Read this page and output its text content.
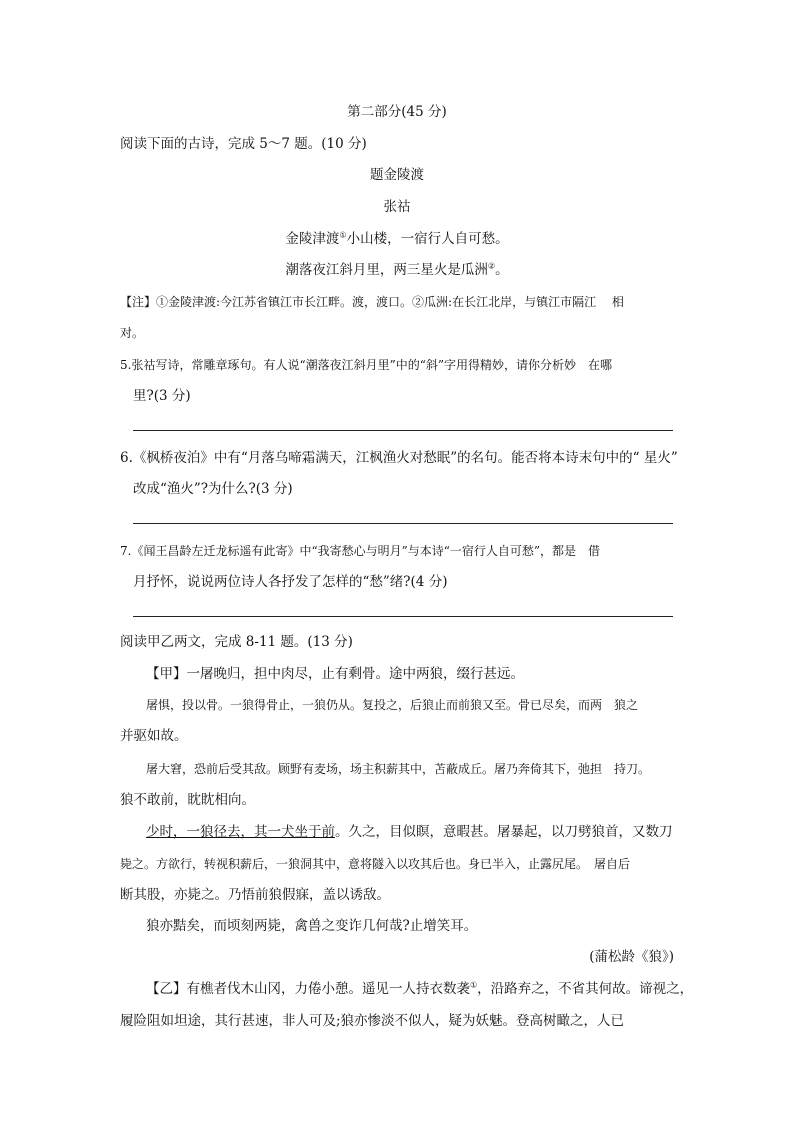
第二部分(45 分)
阅读下面的古诗，完成 5～7 题。(10 分)
题金陵渡
张祜
金陵津渡①小山楼，一宿行人自可愁。
潮落夜江斜月里，两三星火是瓜洲②。
【注】①金陵津渡:今江苏省镇江市长江畔。渡，渡口。②瓜洲:在长江北岸，与镇江市隔江　 相
对。
5.张祜写诗，常雕章琢句。有人说“潮落夜江斜月里”中的“斜”字用得精妙，请你分析妙　在哪
里?(3 分)
6.《枫桥夜泊》中有“月落乌啼霜满天，江枫渔火对愁眠”的名句。能否将本诗末句中的“ 星火”
改成“渔火”?为什么?(3 分)
7.《闻王昌龄左迁龙标遥有此寄》中“我寄愁心与明月”与本诗“一宿行人自可愁”，都是　借
月抒怀，说说两位诗人各抒发了怎样的“愁”绪?(4 分)
阅读甲乙两文，完成 8-11 题。(13 分)
【甲】一屠晚归，担中肉尽，止有剩骨。途中两狼，缀行甚远。
屠惧，投以骨。一狼得骨止，一狼仍从。复投之，后狼止而前狼又至。骨已尽矣，而两　狼之
并驱如故。
屠大窘，恐前后受其敌。顾野有麦场，场主积薪其中，苫蔽成丘。屠乃奔倚其下，弛担　持刀。
狼不敢前，眈眈相向。
少时，一狼径去，其一犬坐于前。久之，目似瞑，意暇甚。屠暴起，以刀劈狼首，又数刀
毙之。方欲行，转视积薪后，一狼洞其中，意将隧入以攻其后也。身已半入，止露尻尾。　屠自后
断其股，亦毙之。乃悟前狼假寐，盖以诱敌。
狼亦黠矣，而顷刻两毙，禽兽之变诈几何哉?止增笑耳。
(蒲松龄《狼》)
【乙】有樵者伐木山冈，力倦小憩。遥见一人持衣数袭①，沿路弃之，不省其何故。谛视之，
履险阻如坦途，其行甚速，非人可及;狼亦惨淡不似人，疑为妖魅。登高树瞰之，人已
